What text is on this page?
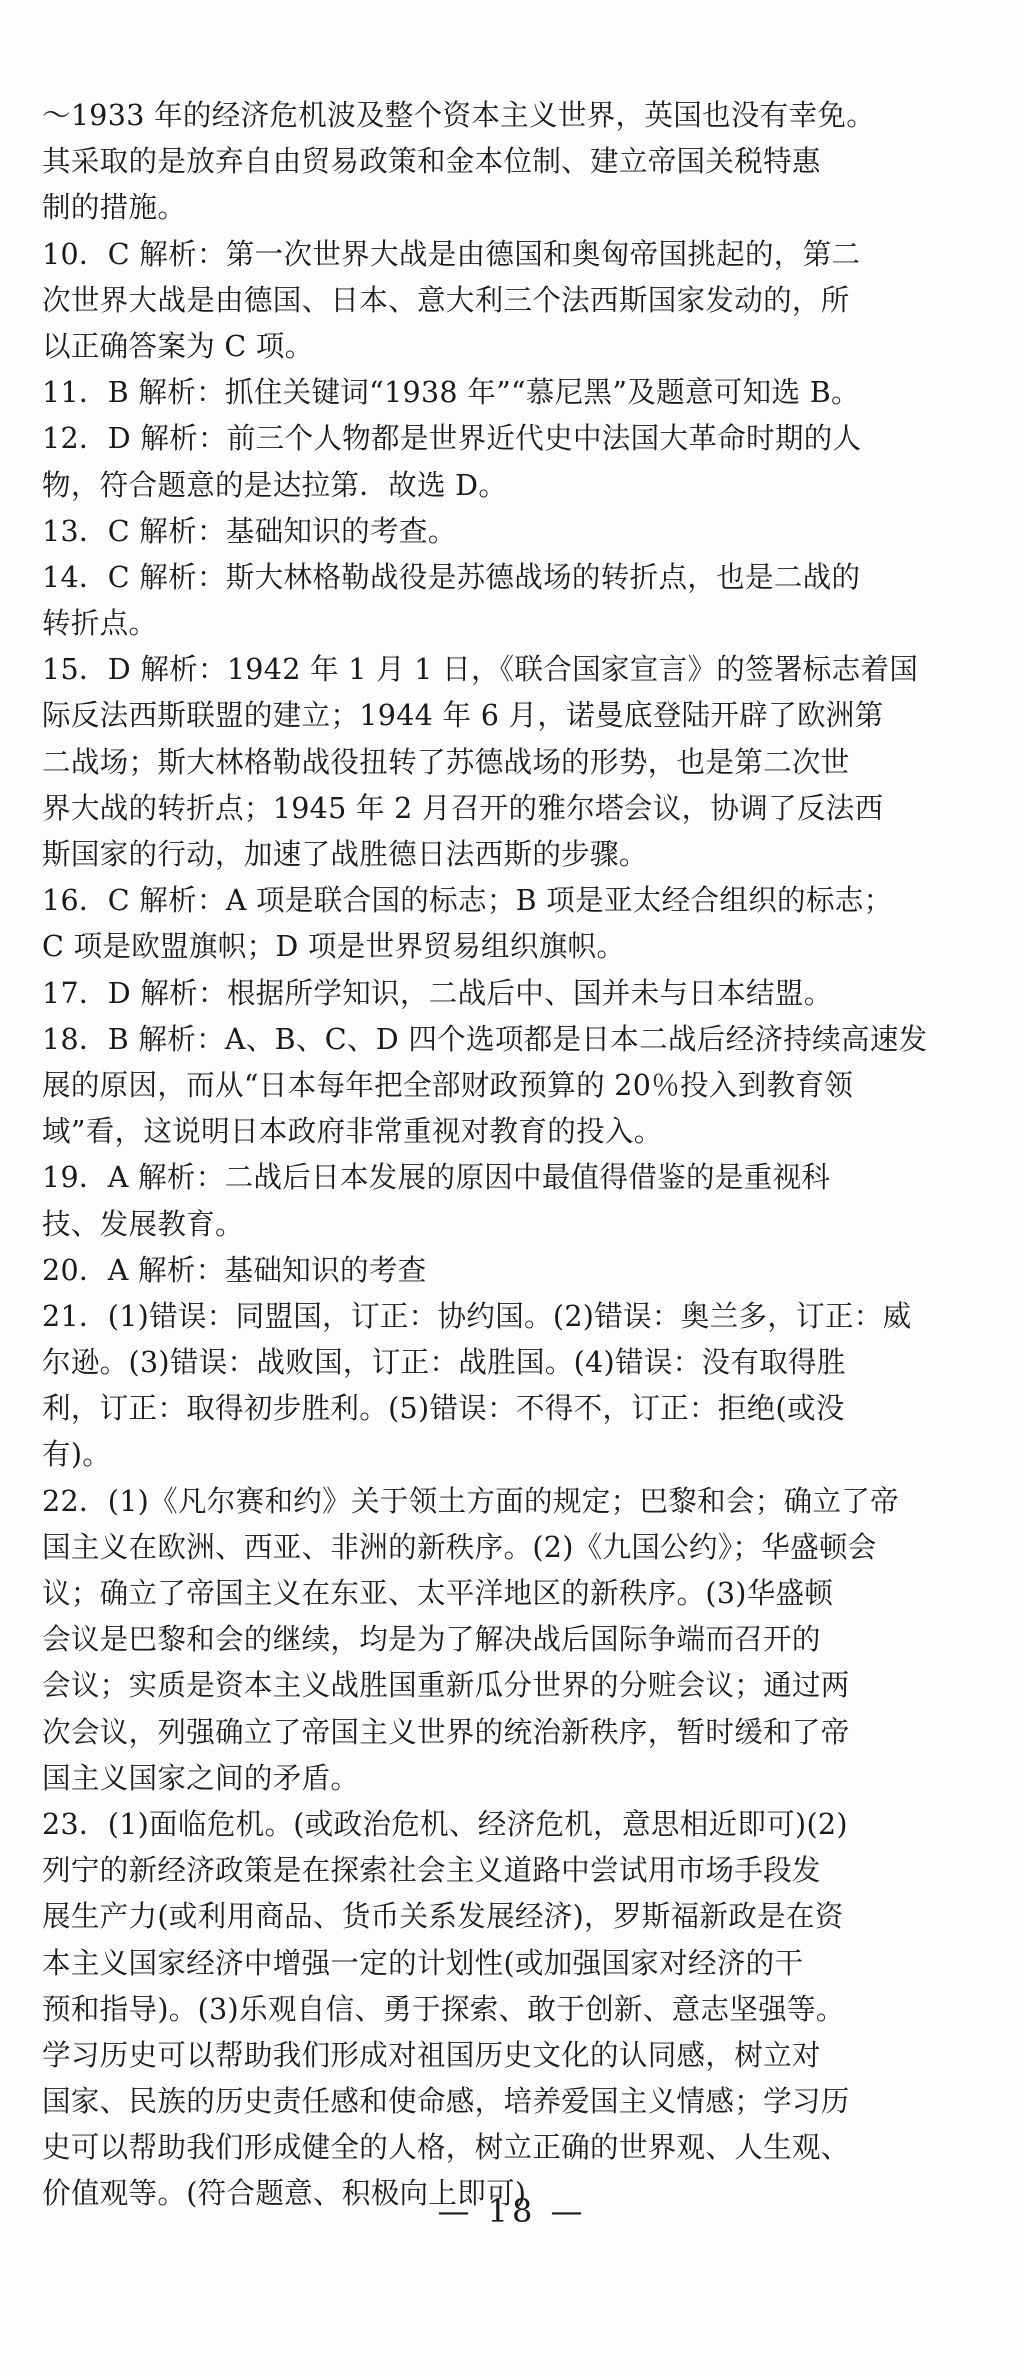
～1933 年的经济危机波及整个资本主义世界，英国也没有幸免。
其采取的是放弃自由贸易政策和金本位制、建立帝国关税特惠
制的措施。
10．C 解析：第一次世界大战是由德国和奥匈帝国挑起的，第二
次世界大战是由德国、日本、意大利三个法西斯国家发动的，所
以正确答案为 C 项。
11．B 解析：抓住关键词“1938 年”“慕尼黑”及题意可知选 B。
12．D 解析：前三个人物都是世界近代史中法国大革命时期的人
物，符合题意的是达拉第．故选 D。
13．C 解析：基础知识的考查。
14．C 解析：斯大林格勒战役是苏德战场的转折点，也是二战的
转折点。
15．D 解析：1942 年 1 月 1 日，《联合国家宣言》的签署标志着国
际反法西斯联盟的建立；1944 年 6 月，诺曼底登陆开辟了欧洲第
二战场；斯大林格勒战役扭转了苏德战场的形势，也是第二次世
界大战的转折点；1945 年 2 月召开的雅尔塔会议，协调了反法西
斯国家的行动，加速了战胜德日法西斯的步骤。
16．C 解析：A 项是联合国的标志；B 项是亚太经合组织的标志；
C 项是欧盟旗帜；D 项是世界贸易组织旗帜。
17．D 解析：根据所学知识，二战后中、国并未与日本结盟。
18．B 解析：A、B、C、D 四个选项都是日本二战后经济持续高速发
展的原因，而从“日本每年把全部财政预算的 20％投入到教育领
域”看，这说明日本政府非常重视对教育的投入。
19．A 解析：二战后日本发展的原因中最值得借鉴的是重视科
技、发展教育。
20．A 解析：基础知识的考查
21．(1)错误：同盟国，订正：协约国。(2)错误：奥兰多，订正：威
尔逊。(3)错误：战败国，订正：战胜国。(4)错误：没有取得胜
利，订正：取得初步胜利。(5)错误：不得不，订正：拒绝(或没
有)。
22．(1)《凡尔赛和约》关于领土方面的规定；巴黎和会；确立了帝
国主义在欧洲、西亚、非洲的新秩序。(2)《九国公约》；华盛顿会
议；确立了帝国主义在东亚、太平洋地区的新秩序。(3)华盛顿
会议是巴黎和会的继续，均是为了解决战后国际争端而召开的
会议；实质是资本主义战胜国重新瓜分世界的分赃会议；通过两
次会议，列强确立了帝国主义世界的统治新秩序，暂时缓和了帝
国主义国家之间的矛盾。
23．(1)面临危机。(或政治危机、经济危机，意思相近即可)(2)
列宁的新经济政策是在探索社会主义道路中尝试用市场手段发
展生产力(或利用商品、货币关系发展经济)，罗斯福新政是在资
本主义国家经济中增强一定的计划性(或加强国家对经济的干
预和指导)。(3)乐观自信、勇于探索、敢于创新、意志坚强等。
学习历史可以帮助我们形成对祖国历史文化的认同感，树立对
国家、民族的历史责任感和使命感，培养爱国主义情感；学习历
史可以帮助我们形成健全的人格，树立正确的世界观、人生观、
价值观等。(符合题意、积极向上即可)
— 18 —
